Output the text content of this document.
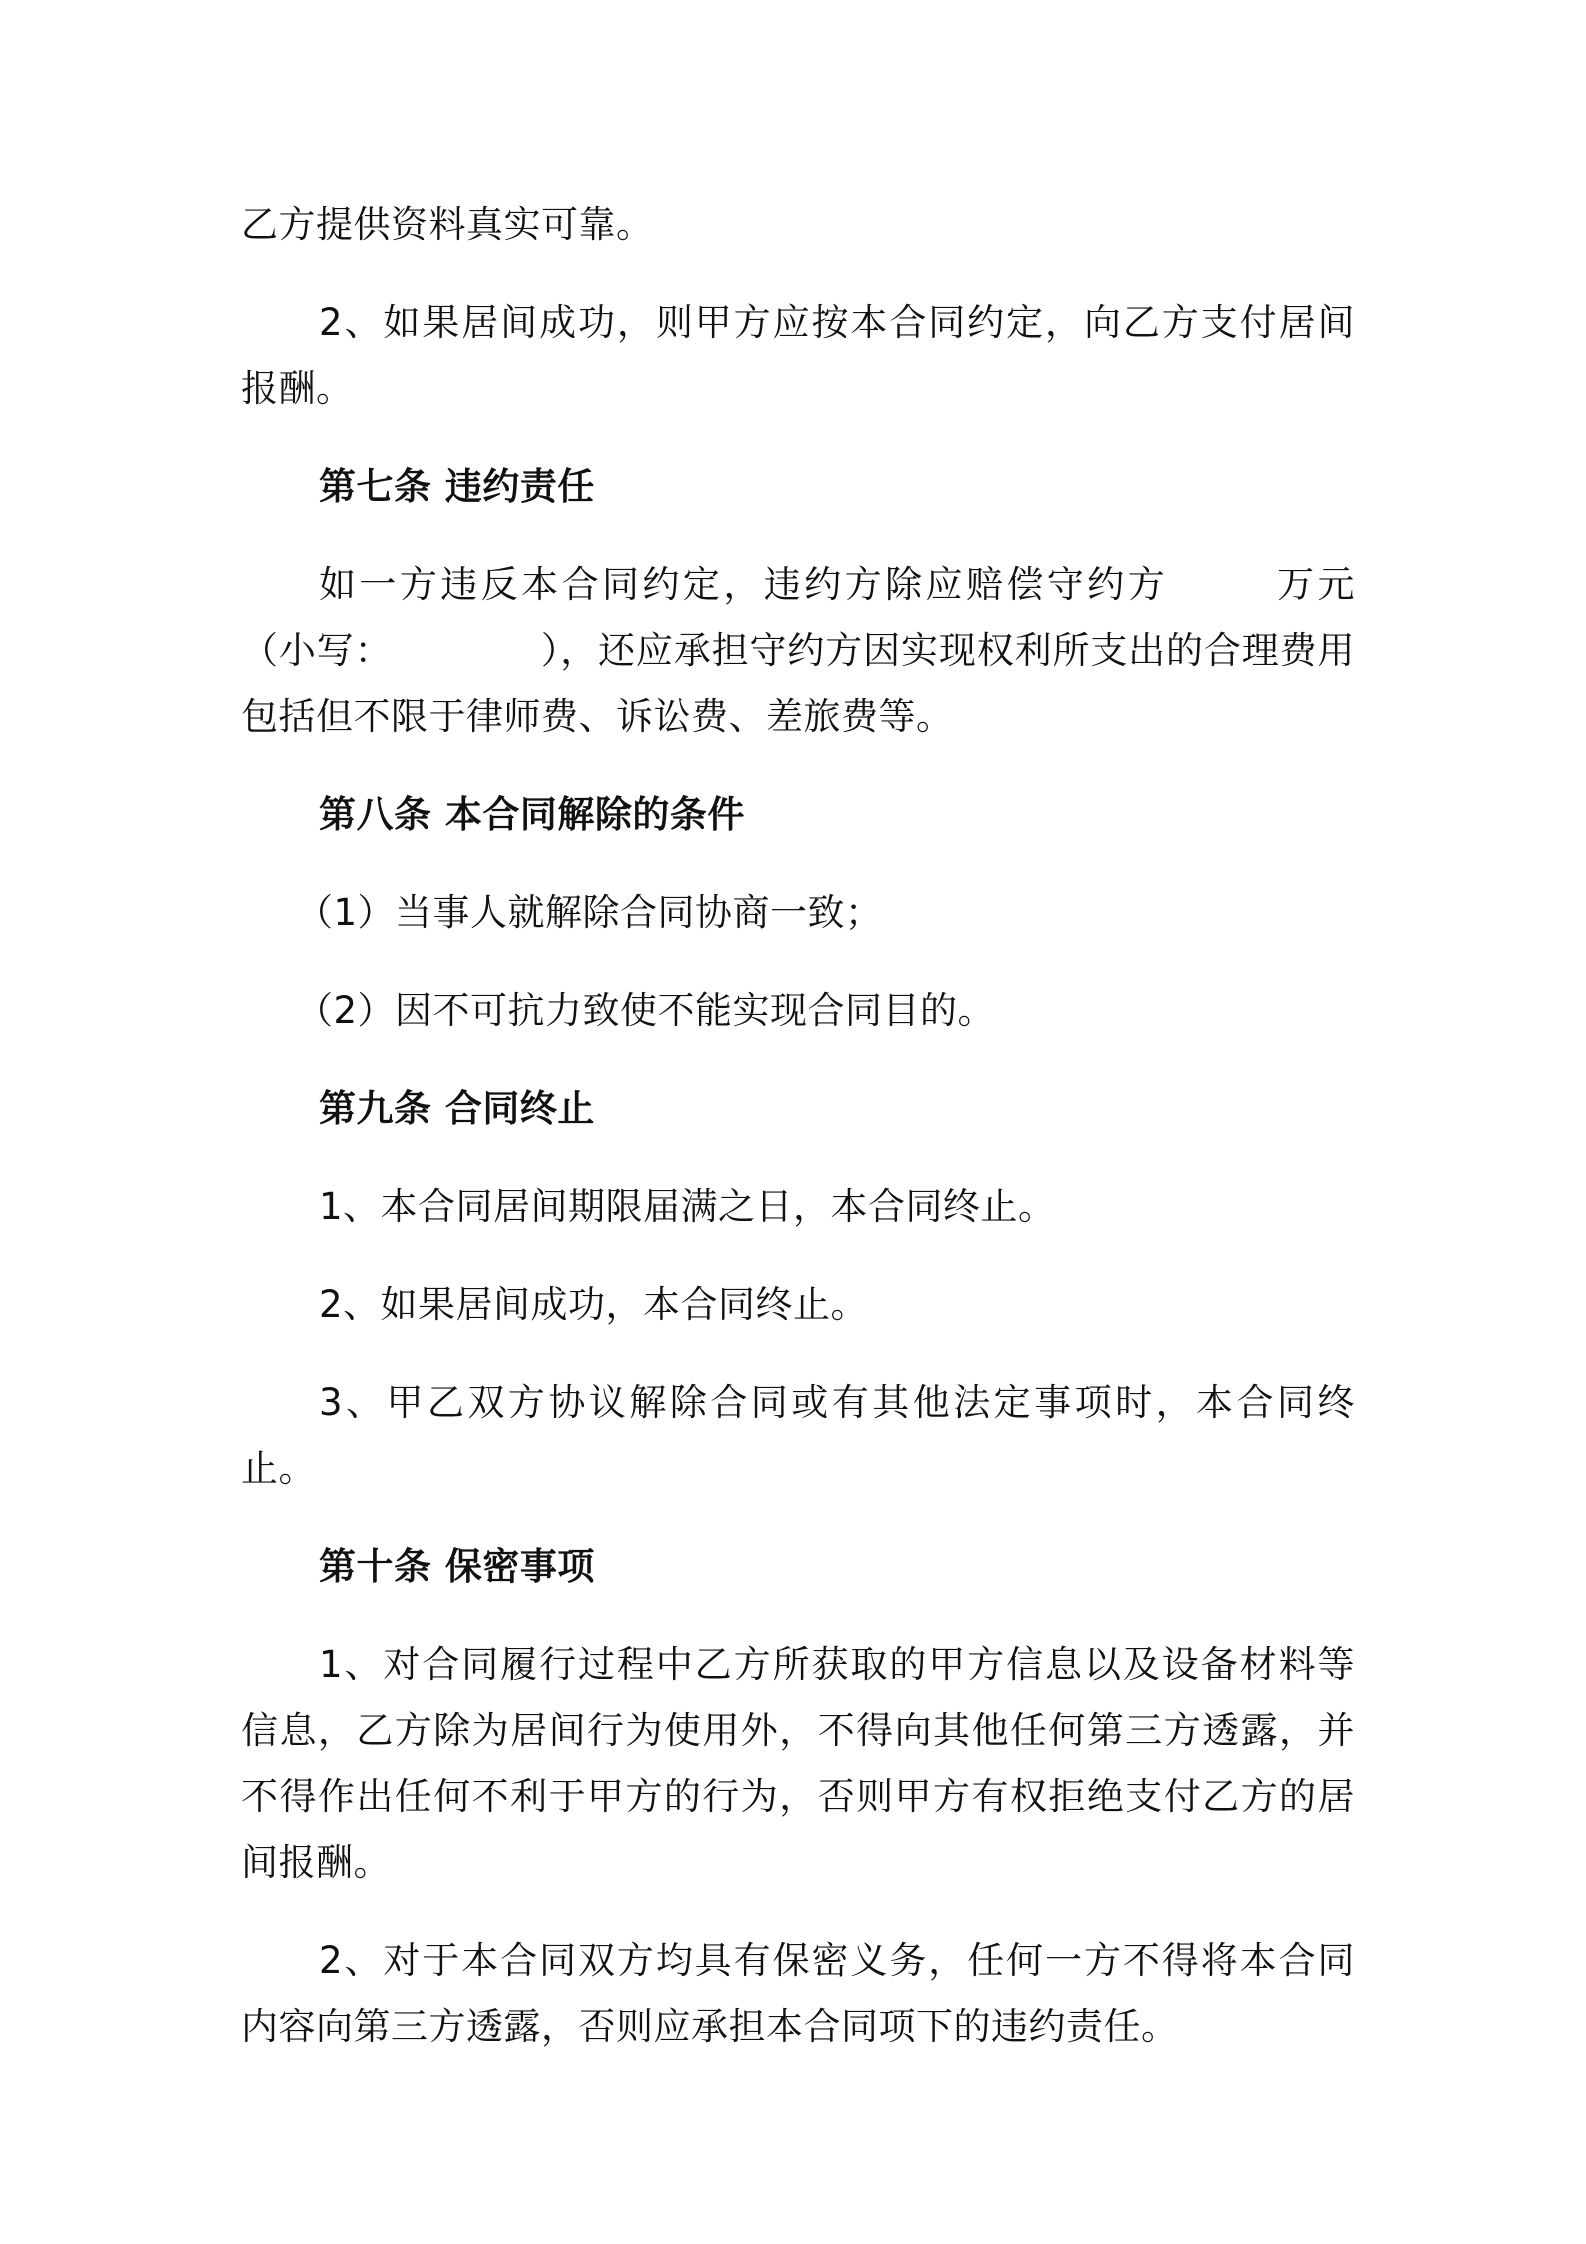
乙方提供资料真实可靠。

2、如果居间成功，则甲方应按本合同约定，向乙方支付居间报酬。

第七条 违约责任

如一方违反本合同约定，违约方除应赔偿守约方	万元（小写：	），还应承担守约方因实现权利所支出的合理费用包括但不限于律师费、诉讼费、差旅费等。

第八条 本合同解除的条件

（1）当事人就解除合同协商一致；

（2）因不可抗力致使不能实现合同目的。

第九条 合同终止

1、本合同居间期限届满之日，本合同终止。

2、如果居间成功，本合同终止。

3、甲乙双方协议解除合同或有其他法定事项时，本合同终止。

第十条 保密事项

1、对合同履行过程中乙方所获取的甲方信息以及设备材料等信息，乙方除为居间行为使用外，不得向其他任何第三方透露，并不得作出任何不利于甲方的行为，否则甲方有权拒绝支付乙方的居间报酬。

2、对于本合同双方均具有保密义务，任何一方不得将本合同内容向第三方透露，否则应承担本合同项下的违约责任。
